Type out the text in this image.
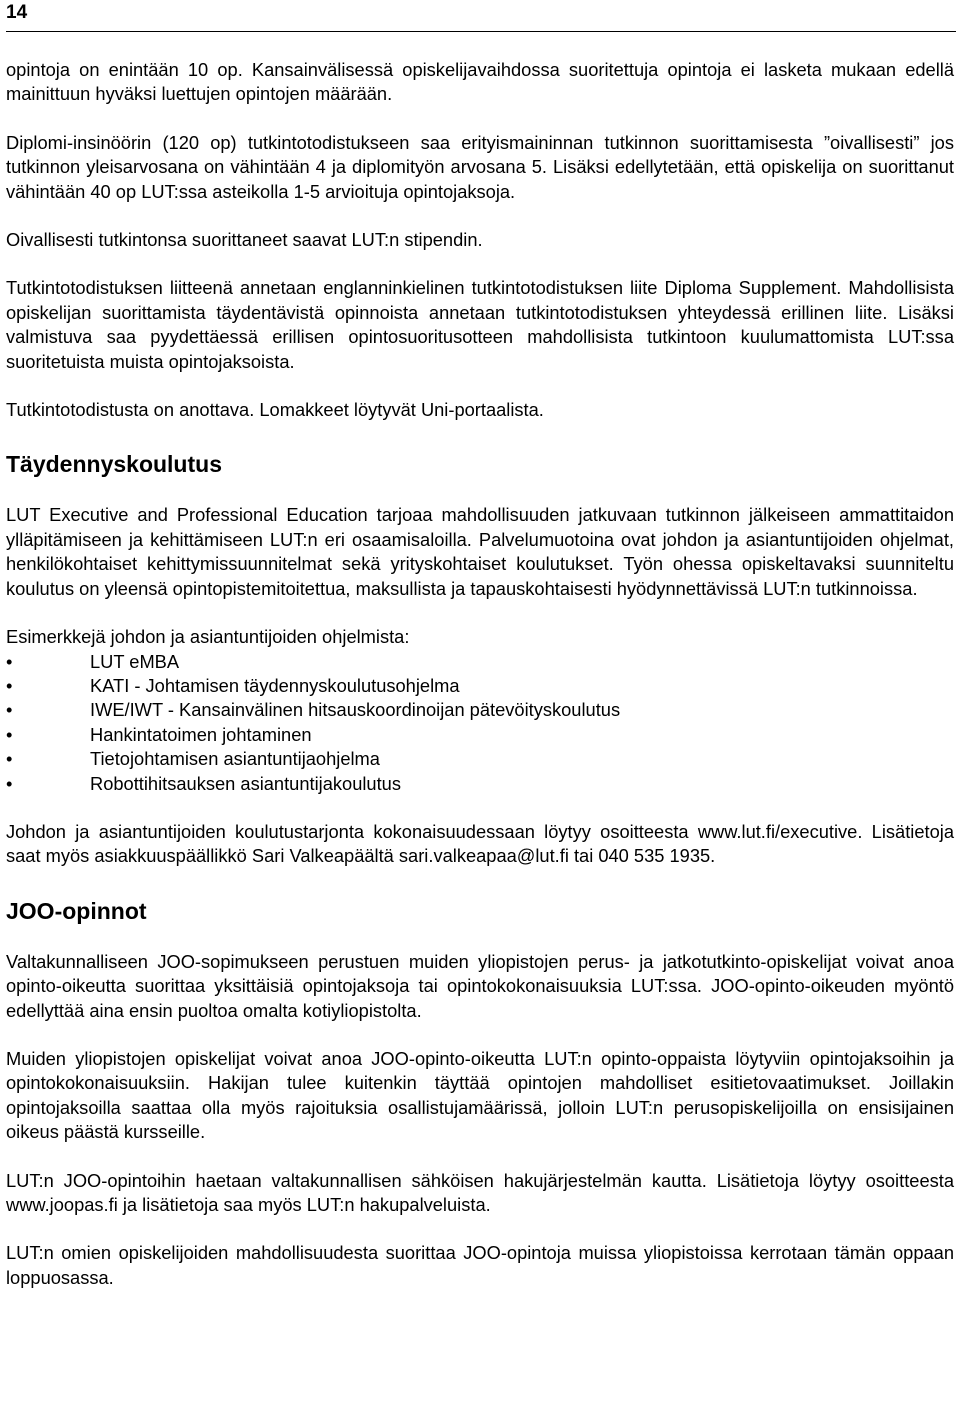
14

opintoja on enintään 10 op. Kansainvälisessä opiskelijavaihdossa suoritettuja opintoja ei lasketa mukaan edellä mainittuun hyväksi luettujen opintojen määrään.

Diplomi-insinöörin (120 op) tutkintotodistukseen saa erityismaininnan tutkinnon suorittamisesta ”oivallisesti” jos tutkinnon yleisarvosana on vähintään 4 ja diplomityön arvosana 5. Lisäksi edellytetään, että opiskelija on suorittanut vähintään 40 op LUT:ssa asteikolla 1-5 arvioituja opintojaksoja.

Oivallisesti tutkintonsa suorittaneet saavat LUT:n stipendin.

Tutkintotodistuksen liitteenä annetaan englanninkielinen tutkintotodistuksen liite Diploma Supplement. Mahdollisista opiskelijan suorittamista täydentävistä opinnoista annetaan tutkintotodistuksen yhteydessä erillinen liite. Lisäksi valmistuva saa pyydettäessä erillisen opintosuoritusotteen mahdollisista tutkintoon kuulumattomista LUT:ssa suoritetuista muista opintojaksoista.

Tutkintotodistusta on anottava. Lomakkeet löytyvät Uni-portaalista.

Täydennyskoulutus

LUT Executive and Professional Education tarjoaa mahdollisuuden jatkuvaan tutkinnon jälkeiseen ammattitaidon ylläpitämiseen ja kehittämiseen LUT:n eri osaamisaloilla. Palvelumuotoina ovat johdon ja asiantuntijoiden ohjelmat, henkilökohtaiset kehittymissuunnitelmat sekä yrityskohtaiset koulutukset. Työn ohessa opiskeltavaksi suunniteltu koulutus on yleensä opintopistemitoitettua, maksullista ja tapauskohtaisesti hyödynnettävissä LUT:n tutkinnoissa.

Esimerkkejä johdon ja asiantuntijoiden ohjelmista:

•	LUT eMBA
•	KATI - Johtamisen täydennyskoulutusohjelma
•	IWE/IWT - Kansainvälinen hitsauskoordinoijan pätevöityskoulutus
•	Hankintatoimen johtaminen
•	Tietojohtamisen asiantuntijaohjelma
•	Robottihitsauksen asiantuntijakoulutus

Johdon ja asiantuntijoiden koulutustarjonta kokonaisuudessaan löytyy osoitteesta www.lut.fi/executive. Lisätietoja saat myös asiakkuuspäällikkö Sari Valkeapäältä sari.valkeapaa@lut.fi tai 040 535 1935.

JOO-opinnot

Valtakunnalliseen JOO-sopimukseen perustuen muiden yliopistojen perus- ja jatkotutkinto-opiskelijat voivat anoa opinto-oikeutta suorittaa yksittäisiä opintojaksoja tai opintokokonaisuuksia LUT:ssa. JOO-opinto-oikeuden myöntö edellyttää aina ensin puoltoa omalta kotiyliopistolta.

Muiden yliopistojen opiskelijat voivat anoa JOO-opinto-oikeutta LUT:n opinto-oppaista löytyviin opintojaksoihin ja opintokokonaisuuksiin. Hakijan tulee kuitenkin täyttää opintojen mahdolliset esitietovaatimukset. Joillakin opintojaksoilla saattaa olla myös rajoituksia osallistujamäärissä, jolloin LUT:n perusopiskelijoilla on ensisijainen oikeus päästä kursseille.

LUT:n JOO-opintoihin haetaan valtakunnallisen sähköisen hakujärjestelmän kautta. Lisätietoja löytyy osoitteesta www.joopas.fi ja lisätietoja saa myös LUT:n hakupalveluista.

LUT:n omien opiskelijoiden mahdollisuudesta suorittaa JOO-opintoja muissa yliopistoissa kerrotaan tämän oppaan loppuosassa.
